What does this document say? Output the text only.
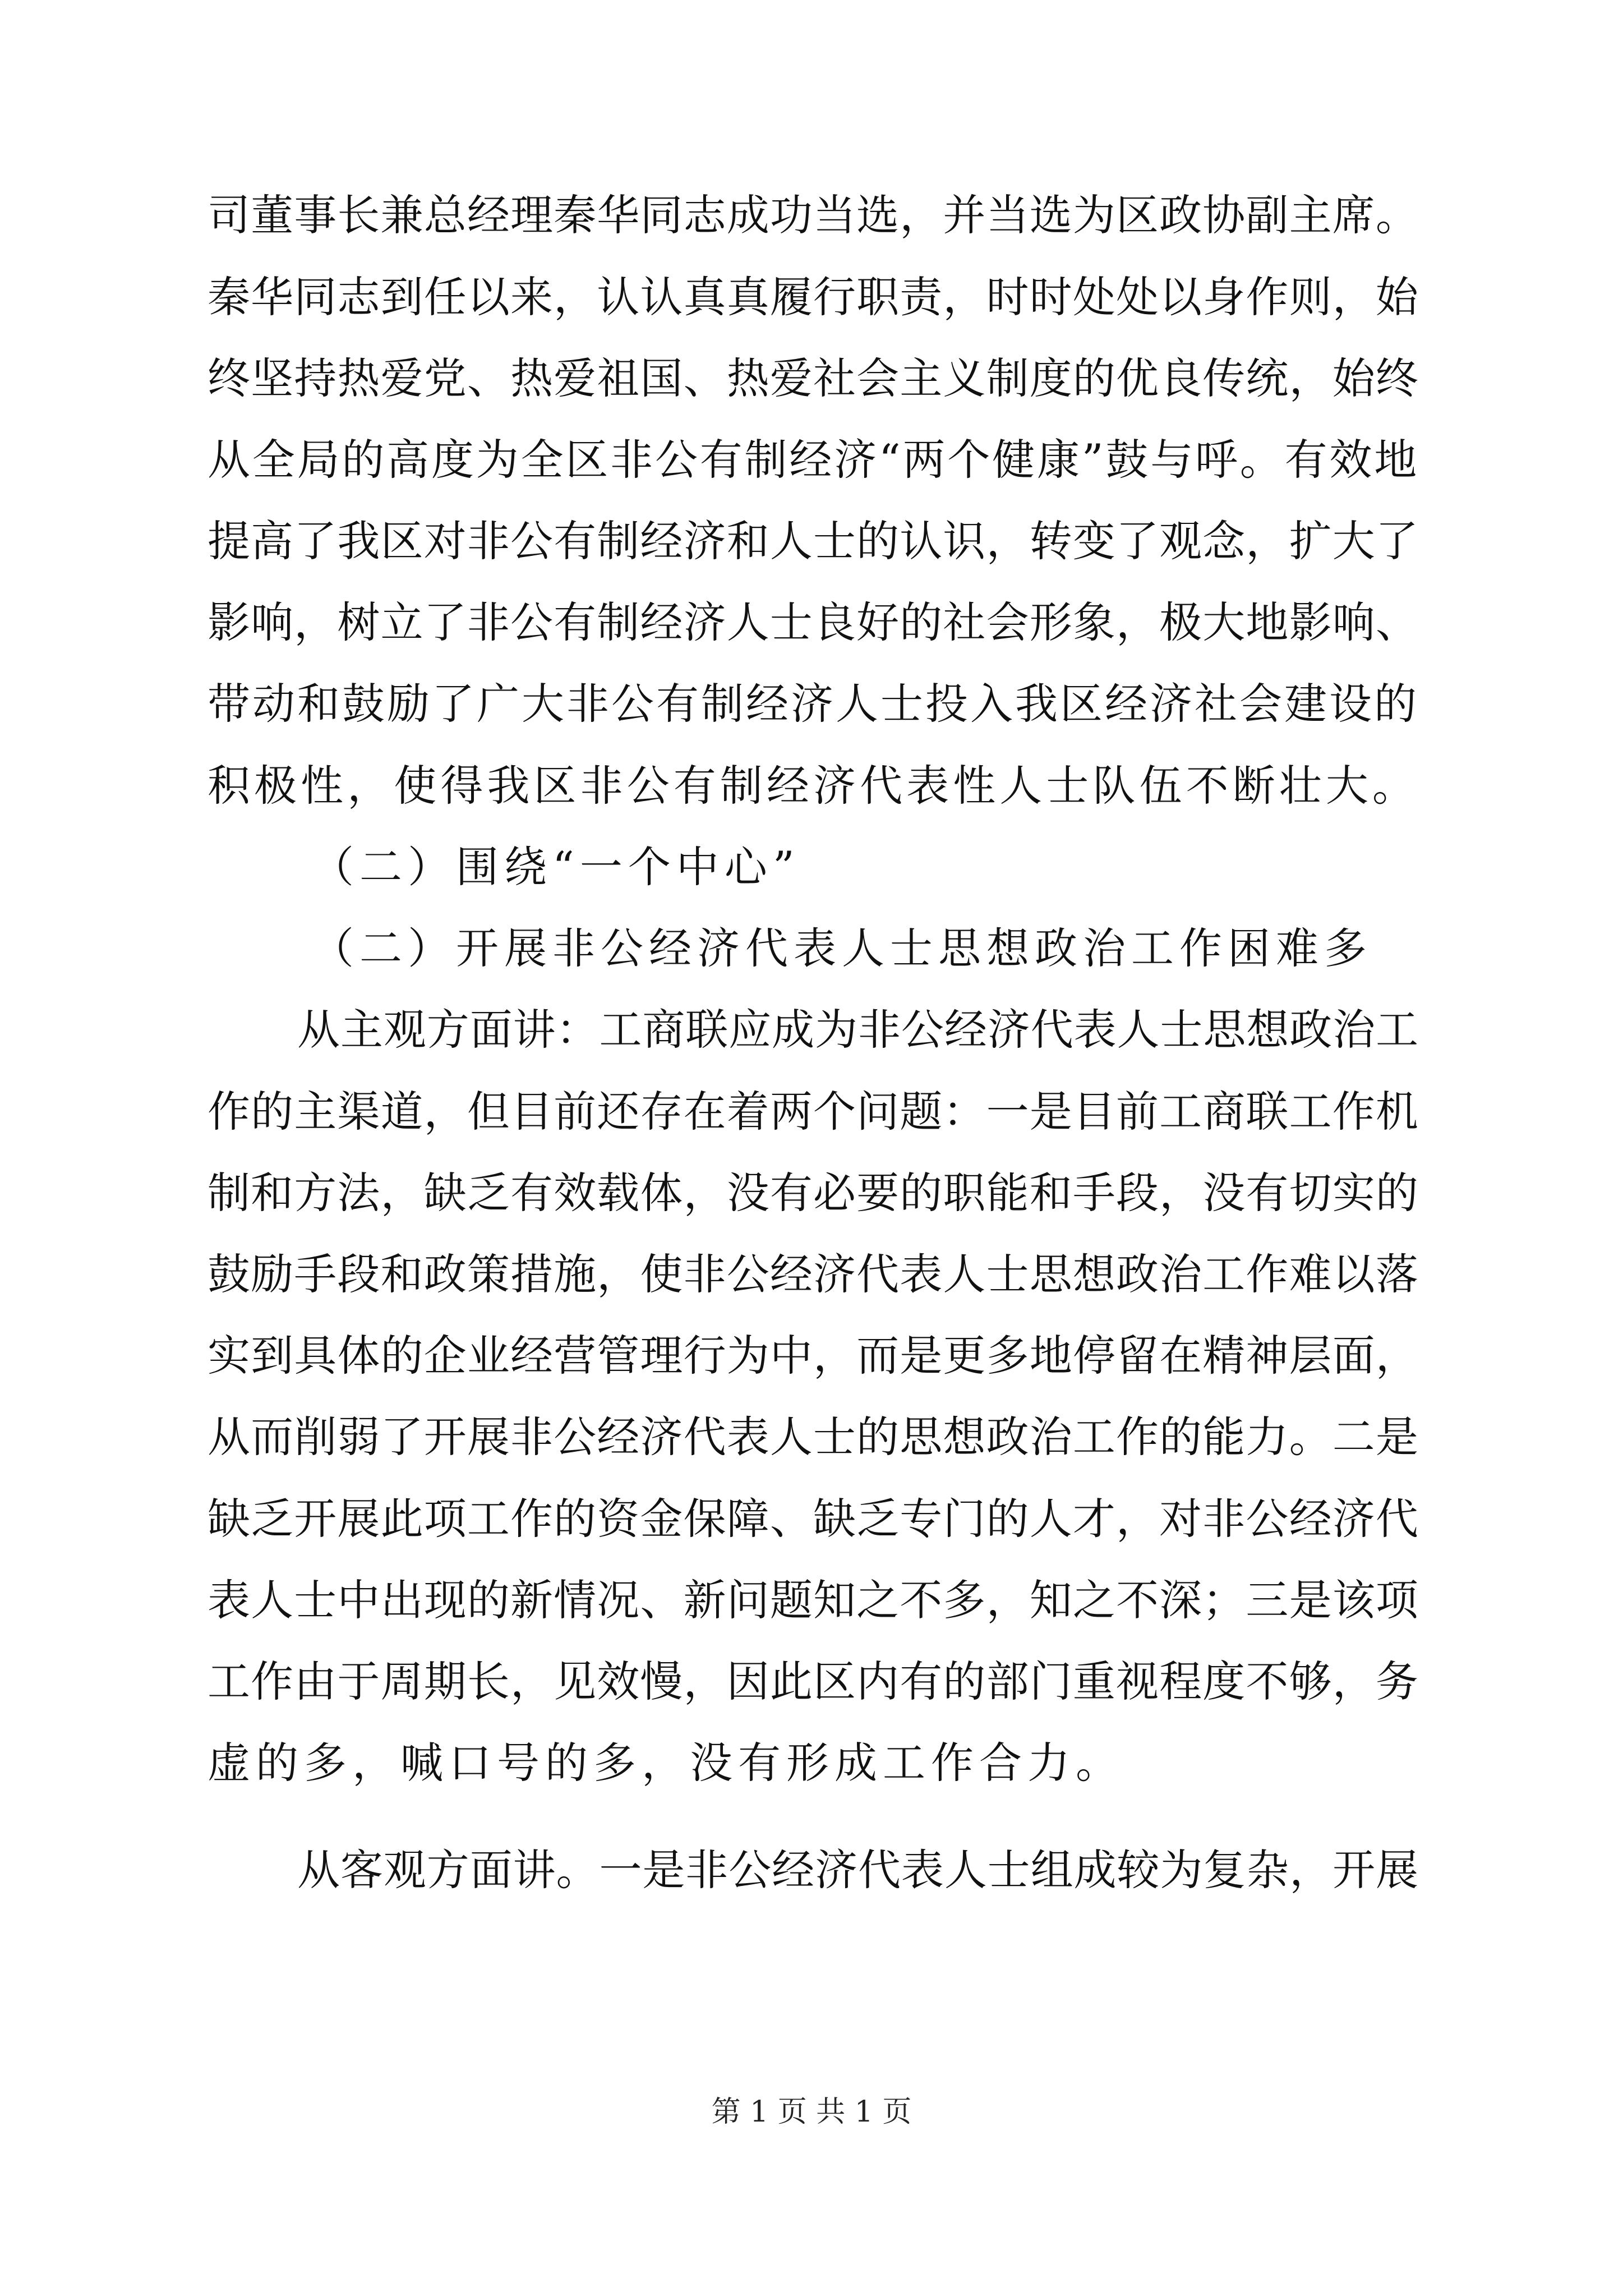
司董事长兼总经理秦华同志成功当选，并当选为区政协副主席。
秦华同志到任以来，认认真真履行职责，时时处处以身作则，始
终坚持热爱党、热爱祖国、热爱社会主义制度的优良传统，始终
从全局的高度为全区非公有制经济“两个健康”鼓与呼。有效地
提高了我区对非公有制经济和人士的认识，转变了观念，扩大了
影响，树立了非公有制经济人士良好的社会形象，极大地影响、
带动和鼓励了广大非公有制经济人士投入我区经济社会建设的
积极性，使得我区非公有制经济代表性人士队伍不断壮大。
（二）围绕“一个中心”
（二）开展非公经济代表人士思想政治工作困难多
从主观方面讲：工商联应成为非公经济代表人士思想政治工
作的主渠道，但目前还存在着两个问题：一是目前工商联工作机
制和方法，缺乏有效载体，没有必要的职能和手段，没有切实的
鼓励手段和政策措施，使非公经济代表人士思想政治工作难以落
实到具体的企业经营管理行为中，而是更多地停留在精神层面，
从而削弱了开展非公经济代表人士的思想政治工作的能力。二是
缺乏开展此项工作的资金保障、缺乏专门的人才，对非公经济代
表人士中出现的新情况、新问题知之不多，知之不深；三是该项
工作由于周期长，见效慢，因此区内有的部门重视程度不够，务
虚的多，喊口号的多，没有形成工作合力。
从客观方面讲。一是非公经济代表人士组成较为复杂，开展
第 1 页 共 1 页
